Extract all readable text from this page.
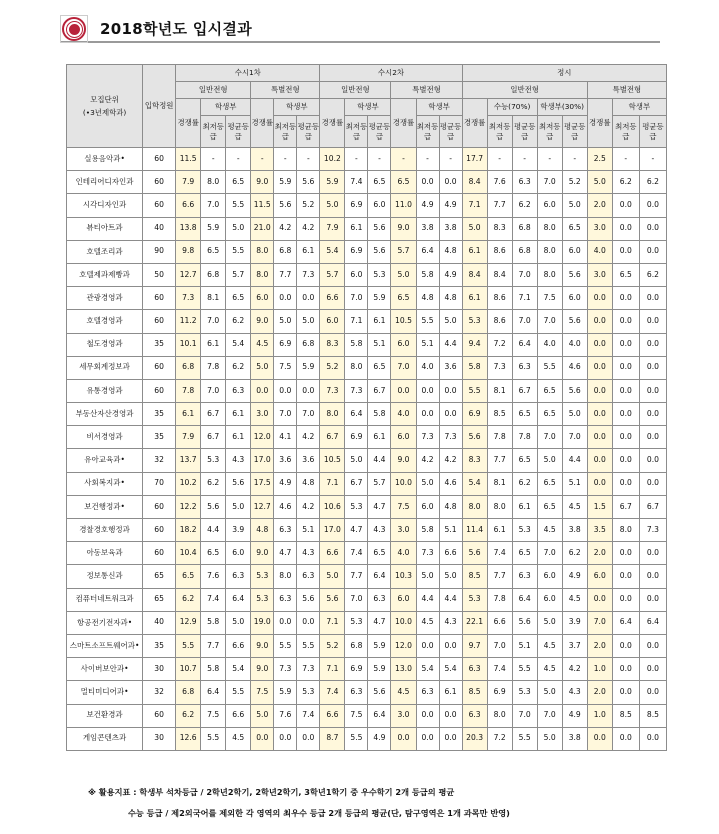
2018학년도 입시결과
모집단위
(•3년제학과)	입학정원	수시1차						수시2차						정시							
		일반전형			특별전형			일반전형			특별전형			일반전형					특별전형		
		경쟁률	학생부		경쟁률	학생부		경쟁률	학생부		경쟁률	학생부		경쟁률	수능(70%)		학생부(30%)		경쟁률	학생부	
			최저등급	평균등급		최저등급	평균등급		최저등급	평균등급		최저등급	평균등급		최저등급	평균등급	최저등급	평균등급		최저등급	평균등급
실용음악과•	60	11.5	-	-	-	-	-	10.2	-	-	-	-	-	17.7	-	-	-	-	2.5	-	-
인테리어디자인과	60	7.9	8.0	6.5	9.0	5.9	5.6	5.9	7.4	6.5	6.5	0.0	0.0	8.4	7.6	6.3	7.0	5.2	5.0	6.2	6.2
시각디자인과	60	6.6	7.0	5.5	11.5	5.6	5.2	5.0	6.9	6.0	11.0	4.9	4.9	7.1	7.7	6.2	6.0	5.0	2.0	0.0	0.0
뷰티아트과	40	13.8	5.9	5.0	21.0	4.2	4.2	7.9	6.1	5.6	9.0	3.8	3.8	5.0	8.3	6.8	8.0	6.5	3.0	0.0	0.0
호텔조리과	90	9.8	6.5	5.5	8.0	6.8	6.1	5.4	6.9	5.6	5.7	6.4	4.8	6.1	8.6	6.8	8.0	6.0	4.0	0.0	0.0
호텔제과제빵과	50	12.7	6.8	5.7	8.0	7.7	7.3	5.7	6.0	5.3	5.0	5.8	4.9	8.4	8.4	7.0	8.0	5.6	3.0	6.5	6.2
관광경영과	60	7.3	8.1	6.5	6.0	0.0	0.0	6.6	7.0	5.9	6.5	4.8	4.8	6.1	8.6	7.1	7.5	6.0	0.0	0.0	0.0
호텔경영과	60	11.2	7.0	6.2	9.0	5.0	5.0	6.0	7.1	6.1	10.5	5.5	5.0	5.3	8.6	7.0	7.0	5.6	0.0	0.0	0.0
철도경영과	35	10.1	6.1	5.4	4.5	6.9	6.8	8.3	5.8	5.1	6.0	5.1	4.4	9.4	7.2	6.4	4.0	4.0	0.0	0.0	0.0
세무회계정보과	60	6.8	7.8	6.2	5.0	7.5	5.9	5.2	8.0	6.5	7.0	4.0	3.6	5.8	7.3	6.3	5.5	4.6	0.0	0.0	0.0
유통경영과	60	7.8	7.0	6.3	0.0	0.0	0.0	7.3	7.3	6.7	0.0	0.0	0.0	5.5	8.1	6.7	6.5	5.6	0.0	0.0	0.0
부동산자산경영과	35	6.1	6.7	6.1	3.0	7.0	7.0	8.0	6.4	5.8	4.0	0.0	0.0	6.9	8.5	6.5	6.5	5.0	0.0	0.0	0.0
비서경영과	35	7.9	6.7	6.1	12.0	4.1	4.2	6.7	6.9	6.1	6.0	7.3	7.3	5.6	7.8	7.8	7.0	7.0	0.0	0.0	0.0
유아교육과•	32	13.7	5.3	4.3	17.0	3.6	3.6	10.5	5.0	4.4	9.0	4.2	4.2	8.3	7.7	6.5	5.0	4.4	0.0	0.0	0.0
사회복지과•	70	10.2	6.2	5.6	17.5	4.9	4.8	7.1	6.7	5.7	10.0	5.0	4.6	5.4	8.1	6.2	6.5	5.1	0.0	0.0	0.0
보건행정과•	60	12.2	5.6	5.0	12.7	4.6	4.2	10.6	5.3	4.7	7.5	6.0	4.8	8.0	8.0	6.1	6.5	4.5	1.5	6.7	6.7
경찰경호행정과	60	18.2	4.4	3.9	4.8	6.3	5.1	17.0	4.7	4.3	3.0	5.8	5.1	11.4	6.1	5.3	4.5	3.8	3.5	8.0	7.3
아동보육과	60	10.4	6.5	6.0	9.0	4.7	4.3	6.6	7.4	6.5	4.0	7.3	6.6	5.6	7.4	6.5	7.0	6.2	2.0	0.0	0.0
정보통신과	65	6.5	7.6	6.3	5.3	8.0	6.3	5.0	7.7	6.4	10.3	5.0	5.0	8.5	7.7	6.3	6.0	4.9	6.0	0.0	0.0
컴퓨터네트워크과	65	6.2	7.4	6.4	5.3	6.3	5.6	5.6	7.0	6.3	6.0	4.4	4.4	5.3	7.8	6.4	6.0	4.5	0.0	0.0	0.0
항공전기전자과•	40	12.9	5.8	5.0	19.0	0.0	0.0	7.1	5.3	4.7	10.0	4.5	4.3	22.1	6.6	5.6	5.0	3.9	7.0	6.4	6.4
스마트소프트웨어과•	35	5.5	7.7	6.6	9.0	5.5	5.5	5.2	6.8	5.9	12.0	0.0	0.0	9.7	7.0	5.1	4.5	3.7	2.0	0.0	0.0
사이버보안과•	30	10.7	5.8	5.4	9.0	7.3	7.3	7.1	6.9	5.9	13.0	5.4	5.4	6.3	7.4	5.5	4.5	4.2	1.0	0.0	0.0
멀티미디어과•	32	6.8	6.4	5.5	7.5	5.9	5.3	7.4	6.3	5.6	4.5	6.3	6.1	8.5	6.9	5.3	5.0	4.3	2.0	0.0	0.0
보건환경과	60	6.2	7.5	6.6	5.0	7.6	7.4	6.6	7.5	6.4	3.0	0.0	0.0	6.3	8.0	7.0	7.0	4.9	1.0	8.5	8.5
게임콘텐츠과	30	12.6	5.5	4.5	0.0	0.0	0.0	8.7	5.5	4.9	0.0	0.0	0.0	20.3	7.2	5.5	5.0	3.8	0.0	0.0	0.0
※ 활용지표 : 학생부 석차등급 / 2학년2학기, 2학년2학기, 3학년1학기 중 우수학기 2개 등급의 평균
수능 등급 / 제2외국어를 제외한 각 영역의 최우수 등급 2개 등급의 평균(단, 탐구영역은 1개 과목만 반영)
